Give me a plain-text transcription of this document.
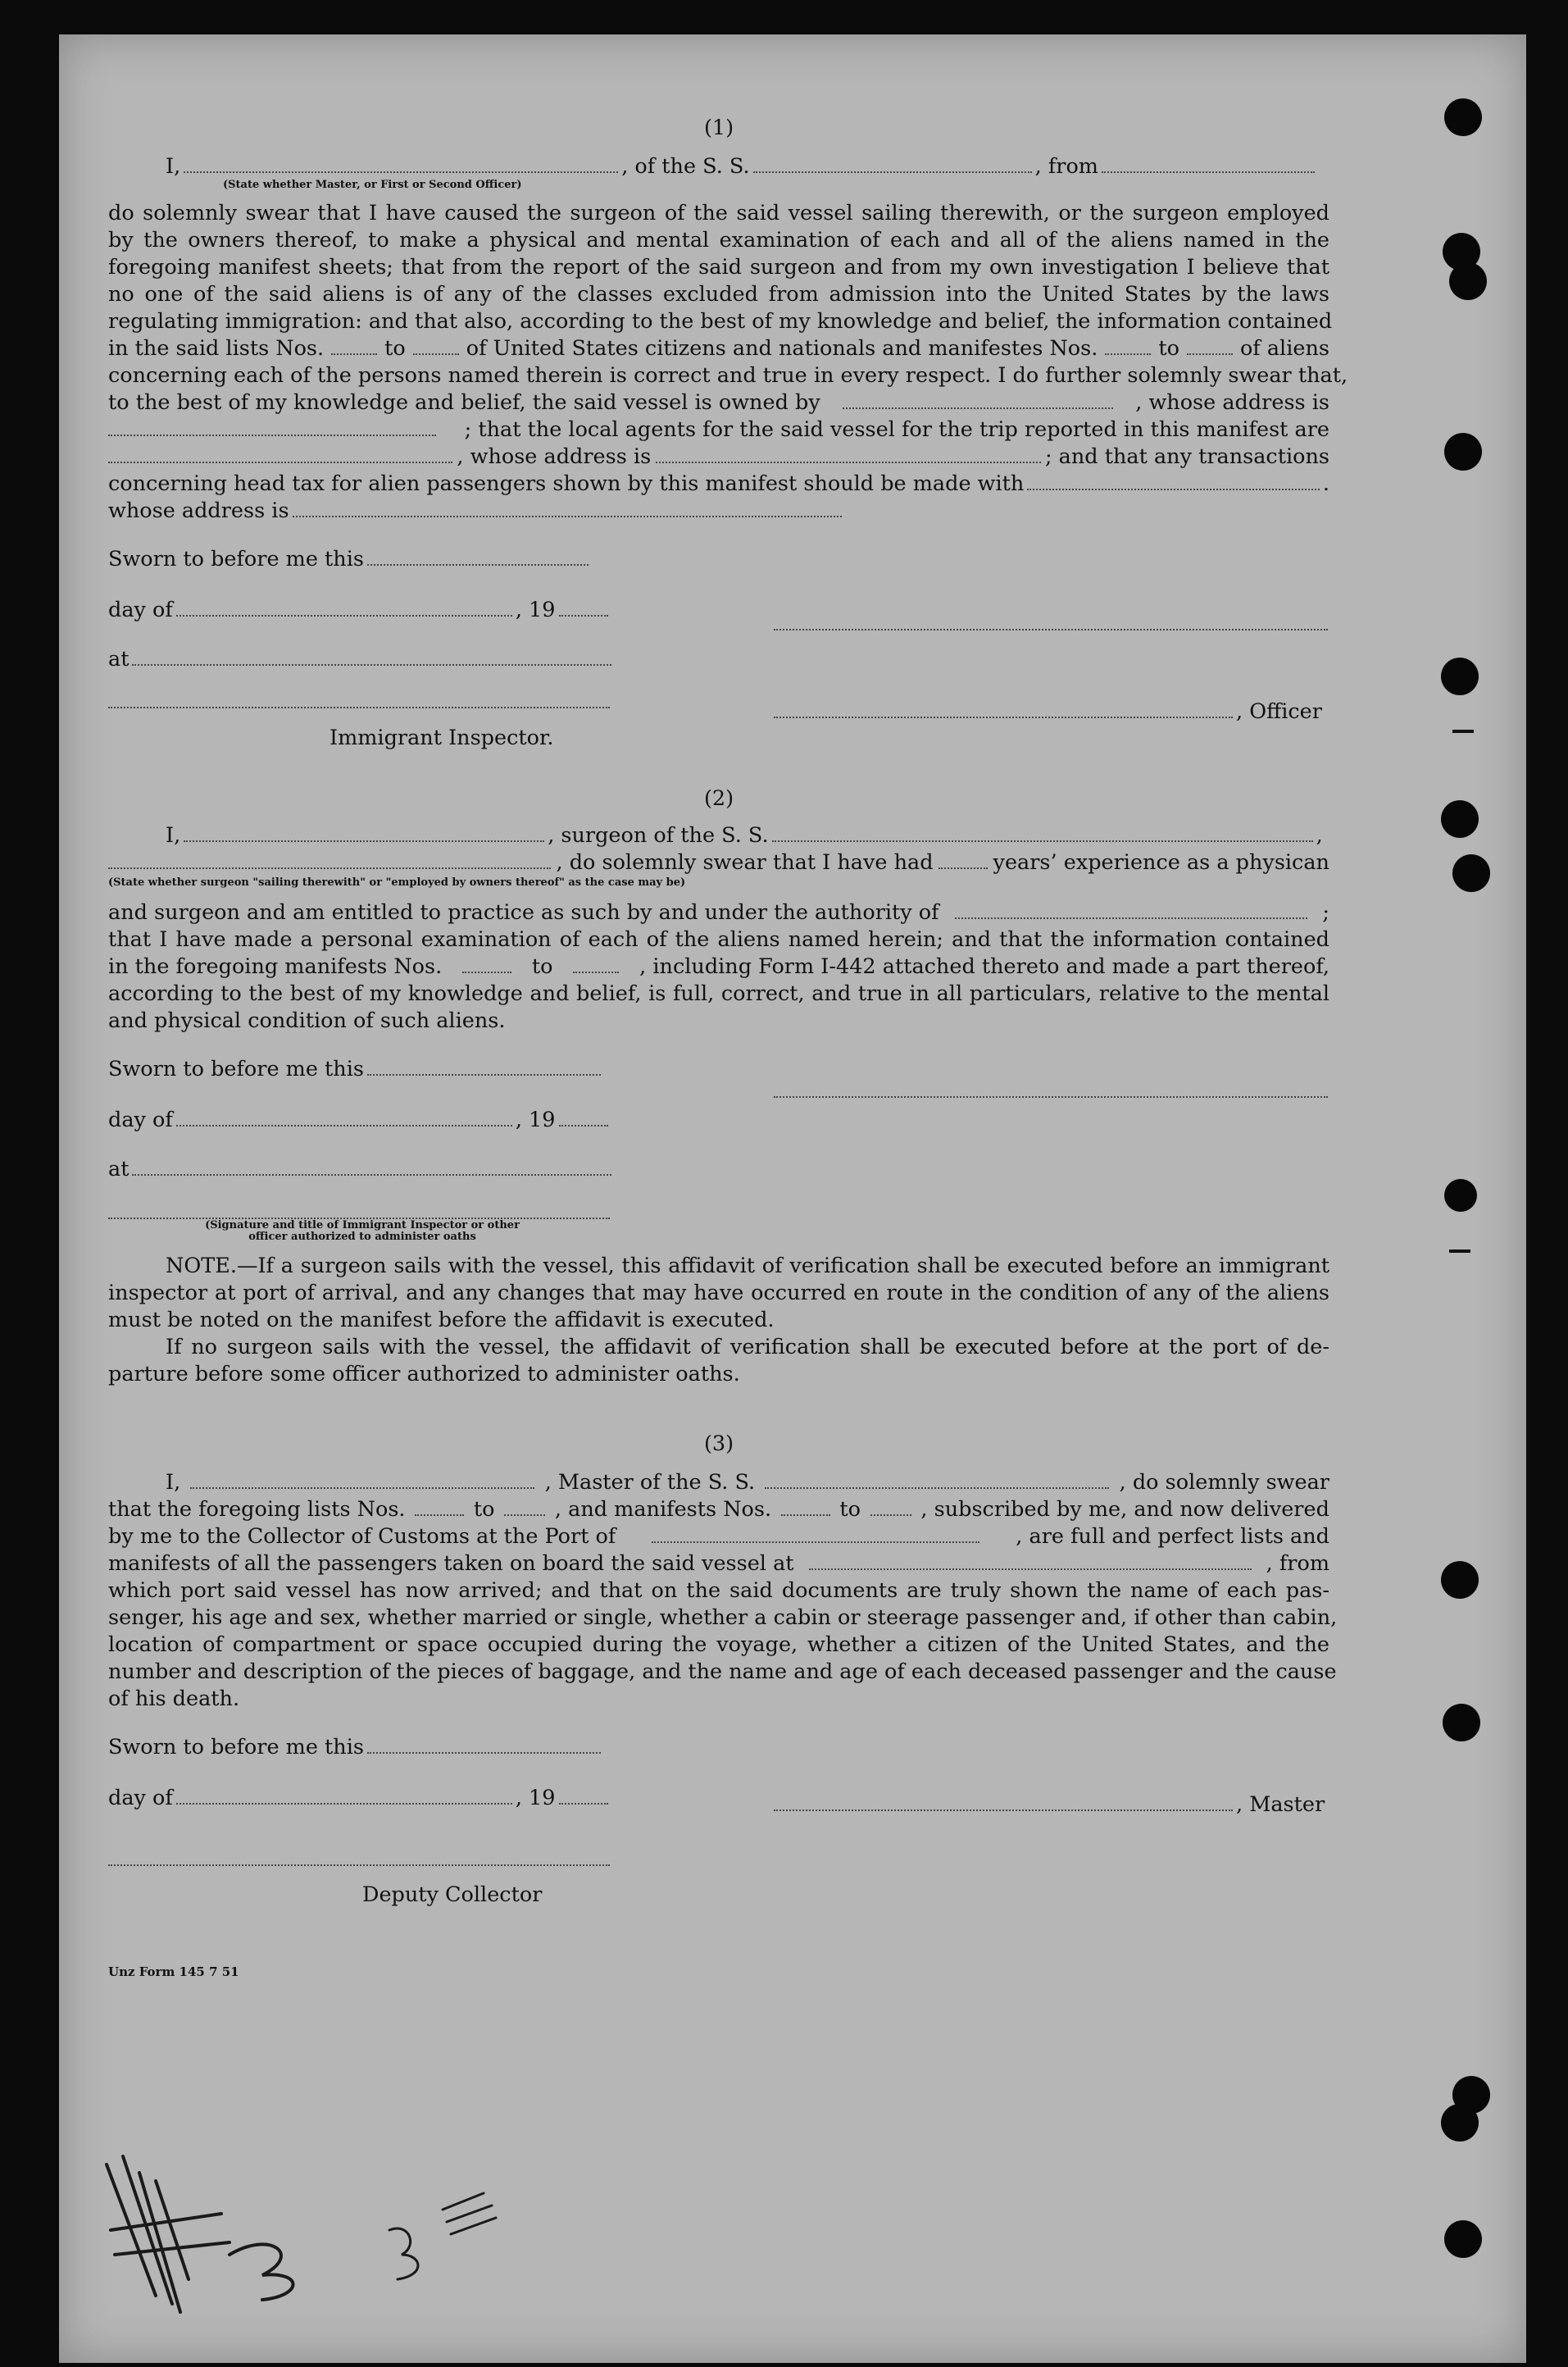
(1)
I,	, of the S. S.	, from
(State whether Master, or First or Second Officer)
do solemnly swear that I have caused the surgeon of the said vessel sailing therewith, or the surgeon employed
by the owners thereof, to make a physical and mental examination of each and all of the aliens named in the
foregoing manifest sheets; that from the report of the said surgeon and from my own investigation I believe that
no one of the said aliens is of any of the classes excluded from admission into the United States by the laws
regulating immigration: and that also, according to the best of my knowledge and belief, the information contained
in the said lists Nos.	to	of United States citizens and nationals and manifestes Nos.	to	of aliens
concerning each of the persons named therein is correct and true in every respect. I do further solemnly swear that,
to the best of my knowledge and belief, the said vessel is owned by	, whose address is
; that the local agents for the said vessel for the trip reported in this manifest are
, whose address is	; and that any transactions
concerning head tax for alien passengers shown by this manifest should be made with	.
whose address is
Sworn to before me this
day of	, 19
at
, Officer
Immigrant Inspector.
(2)
I,	, surgeon of the S. S.	,
, do solemnly swear that I have had	years’ experience as a physican
(State whether surgeon "sailing therewith" or "employed by owners thereof" as the case may be)
and surgeon and am entitled to practice as such by and under the authority of	;
that I have made a personal examination of each of the aliens named herein; and that the information contained
in the foregoing manifests Nos.	to	, including Form I-442 attached thereto and made a part thereof,
according to the best of my knowledge and belief, is full, correct, and true in all particulars, relative to the mental
and physical condition of such aliens.
Sworn to before me this
day of	, 19
at
(Signature and title of Immigrant Inspector or other
officer authorized to administer oaths
NOTE.—If a surgeon sails with the vessel, this affidavit of verification shall be executed before an immigrant
inspector at port of arrival, and any changes that may have occurred en route in the condition of any of the aliens
must be noted on the manifest before the affidavit is executed.
If no surgeon sails with the vessel, the affidavit of verification shall be executed before at the port of de-
parture before some officer authorized to administer oaths.
(3)
I,	, Master of the S. S.	, do solemnly swear
that the foregoing lists Nos.	to	, and manifests Nos.	to	, subscribed by me, and now delivered
by me to the Collector of Customs at the Port of	, are full and perfect lists and
manifests of all the passengers taken on board the said vessel at	, from
which port said vessel has now arrived; and that on the said documents are truly shown the name of each pas-
senger, his age and sex, whether married or single, whether a cabin or steerage passenger and, if other than cabin,
location of compartment or space occupied during the voyage, whether a citizen of the United States, and the
number and description of the pieces of baggage, and the name and age of each deceased passenger and the cause
of his death.
Sworn to before me this
day of	, 19	, Master
Deputy Collector
Unz Form 145 7 51
